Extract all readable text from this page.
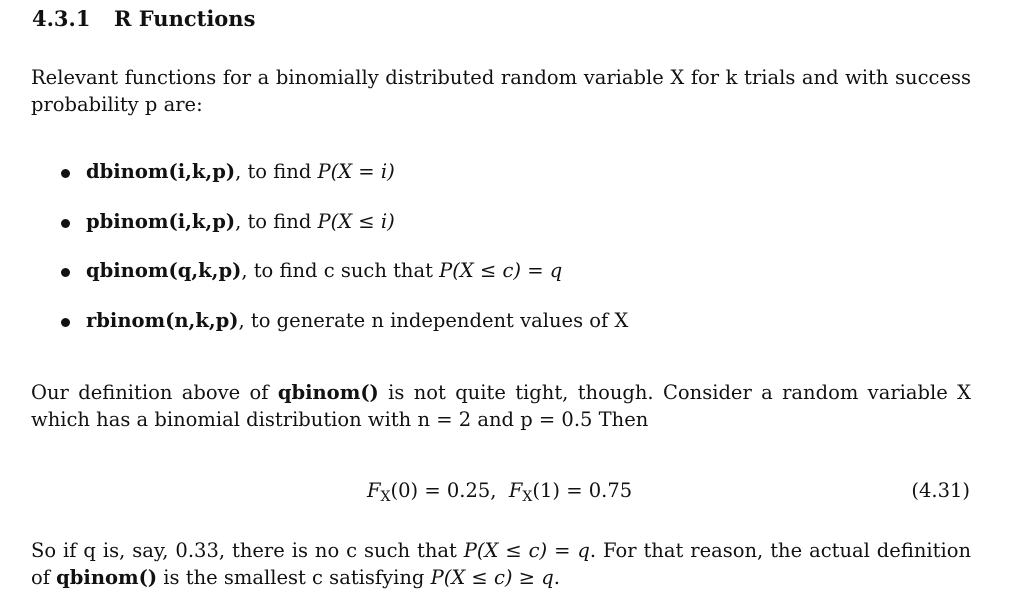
4.3.1 R Functions

Relevant functions for a binomially distributed random variable X for k trials and with success probability p are:

dbinom(i,k,p), to find P(X = i)
pbinom(i,k,p), to find P(X ≤ i)
qbinom(q,k,p), to find c such that P(X ≤ c) = q
rbinom(n,k,p), to generate n independent values of X

Our definition above of qbinom() is not quite tight, though. Consider a random variable X which has a binomial distribution with n = 2 and p = 0.5 Then

$F_X(0) = 0.25$, $F_X(1) = 0.75$	(4.31)

So if q is, say, 0.33, there is no c such that P(X ≤ c) = q. For that reason, the actual definition of qbinom() is the smallest c satisfying P(X ≤ c) ≥ q.
